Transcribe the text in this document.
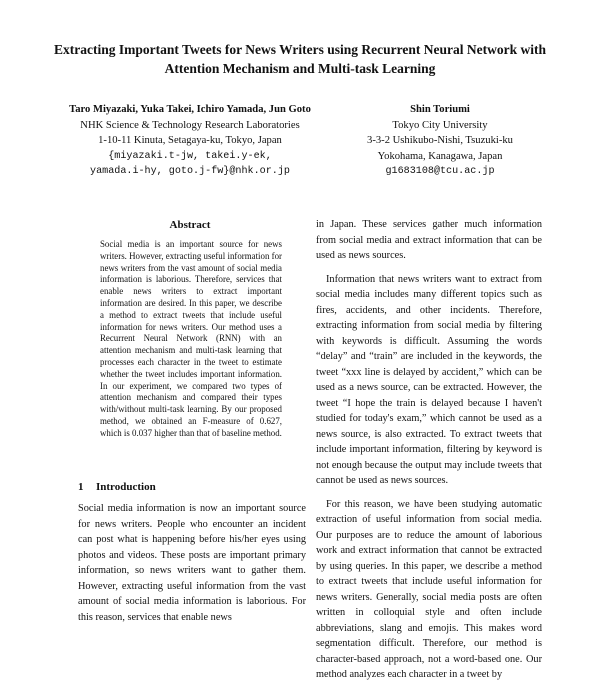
Extracting Important Tweets for News Writers using Recurrent Neural Network with Attention Mechanism and Multi-task Learning
Taro Miyazaki, Yuka Takei, Ichiro Yamada, Jun Goto
NHK Science & Technology Research Laboratories
1-10-11 Kinuta, Setagaya-ku, Tokyo, Japan
{miyazaki.t-jw, takei.y-ek,
yamada.i-hy, goto.j-fw}@nhk.or.jp
Shin Toriumi
Tokyo City University
3-3-2 Ushikubo-Nishi, Tsuzuki-ku
Yokohama, Kanagawa, Japan
g1683108@tcu.ac.jp
Abstract

Social media is an important source for news writers. However, extracting useful information for news writers from the vast amount of social media information is laborious. Therefore, services that enable news writers to extract important information are desired. In this paper, we describe a method to extract tweets that include useful information for news writers. Our method uses a Recurrent Neural Network (RNN) with an attention mechanism and multi-task learning that processes each character in the tweet to estimate whether the tweet includes important information. In our experiment, we compared two types of attention mechanism and compared their types with/without multi-task learning. By our proposed method, we obtained an F-measure of 0.627, which is 0.037 higher than that of baseline method.

1 Introduction

Social media information is now an important source for news writers. People who encounter an incident can post what is happening before his/her eyes using photos and videos. These posts are important primary information, so news writers want to gather them. However, extracting useful information from the vast amount of social media information is laborious. For this reason, services that enable news

in Japan. These services gather much information from social media and extract information that can be used as news sources.

Information that news writers want to extract from social media includes many different topics such as fires, accidents, and other incidents. Therefore, extracting information from social media by filtering with keywords is difficult. Assuming the words “delay” and “train” are included in the keywords, the tweet “xxx line is delayed by accident,” which can be used as a news source, can be extracted. However, the tweet “I hope the train is delayed because I haven't studied for today's exam,” which cannot be used as a news source, is also extracted. To extract tweets that include important information, filtering by keyword is not enough because the output may include tweets that cannot be used as news sources.

For this reason, we have been studying automatic extraction of useful information from social media. Our purposes are to reduce the amount of laborious work and extract information that cannot be extracted by using queries. In this paper, we describe a method to extract tweets that include useful information for news writers. Generally, social media posts are often written in colloquial style and often include abbreviations, slang and emojis. This makes word segmentation difficult. Therefore, our method is character-based approach, not a word-based one. Our method analyzes each character in a tweet by
